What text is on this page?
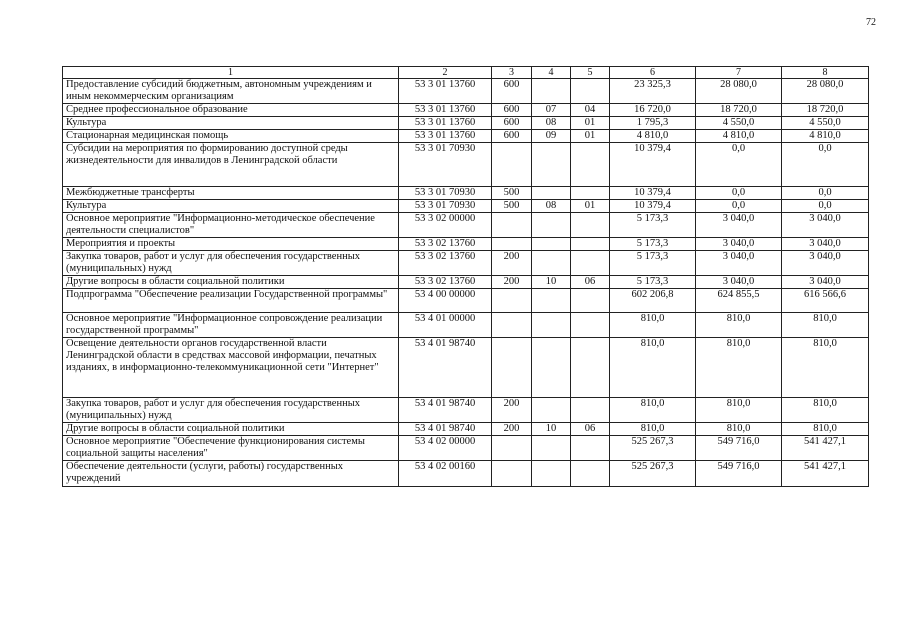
72
1	2	3	4	5	6	7	8
Предоставление субсидий бюджетным, автономным учреждениям и иным некоммерческим организациям	53 3 01 13760	600			23 325,3	28 080,0	28 080,0
Среднее профессиональное образование	53 3 01 13760	600	07	04	16 720,0	18 720,0	18 720,0
Культура	53 3 01 13760	600	08	01	1 795,3	4 550,0	4 550,0
Стационарная медицинская помощь	53 3 01 13760	600	09	01	4 810,0	4 810,0	4 810,0
Субсидии на мероприятия по формированию доступной среды жизнедеятельности для инвалидов в Ленинградской области	53 3 01 70930				10 379,4	0,0	0,0
Межбюджетные трансферты	53 3 01 70930	500			10 379,4	0,0	0,0
Культура	53 3 01 70930	500	08	01	10 379,4	0,0	0,0
Основное мероприятие "Информационно-методическое обеспечение деятельности специалистов"	53 3 02 00000				5 173,3	3 040,0	3 040,0
Мероприятия и проекты	53 3 02 13760				5 173,3	3 040,0	3 040,0
Закупка товаров, работ и услуг для обеспечения государственных (муниципальных) нужд	53 3 02 13760	200			5 173,3	3 040,0	3 040,0
Другие вопросы в области социальной политики	53 3 02 13760	200	10	06	5 173,3	3 040,0	3 040,0
Подпрограмма "Обеспечение реализации Государственной программы"	53 4 00 00000				602 206,8	624 855,5	616 566,6
Основное мероприятие "Информационное сопровождение реализации государственной программы"	53 4 01 00000				810,0	810,0	810,0
Освещение деятельности органов государственной власти Ленинградской области в средствах массовой информации, печатных изданиях, в информационно-телекоммуникационной сети "Интернет"	53 4 01 98740				810,0	810,0	810,0
Закупка товаров, работ и услуг для обеспечения государственных (муниципальных) нужд	53 4 01 98740	200			810,0	810,0	810,0
Другие вопросы в области социальной политики	53 4 01 98740	200	10	06	810,0	810,0	810,0
Основное мероприятие "Обеспечение функционирования системы социальной защиты населения"	53 4 02 00000				525 267,3	549 716,0	541 427,1
Обеспечение деятельности (услуги, работы) государственных учреждений	53 4 02 00160				525 267,3	549 716,0	541 427,1
